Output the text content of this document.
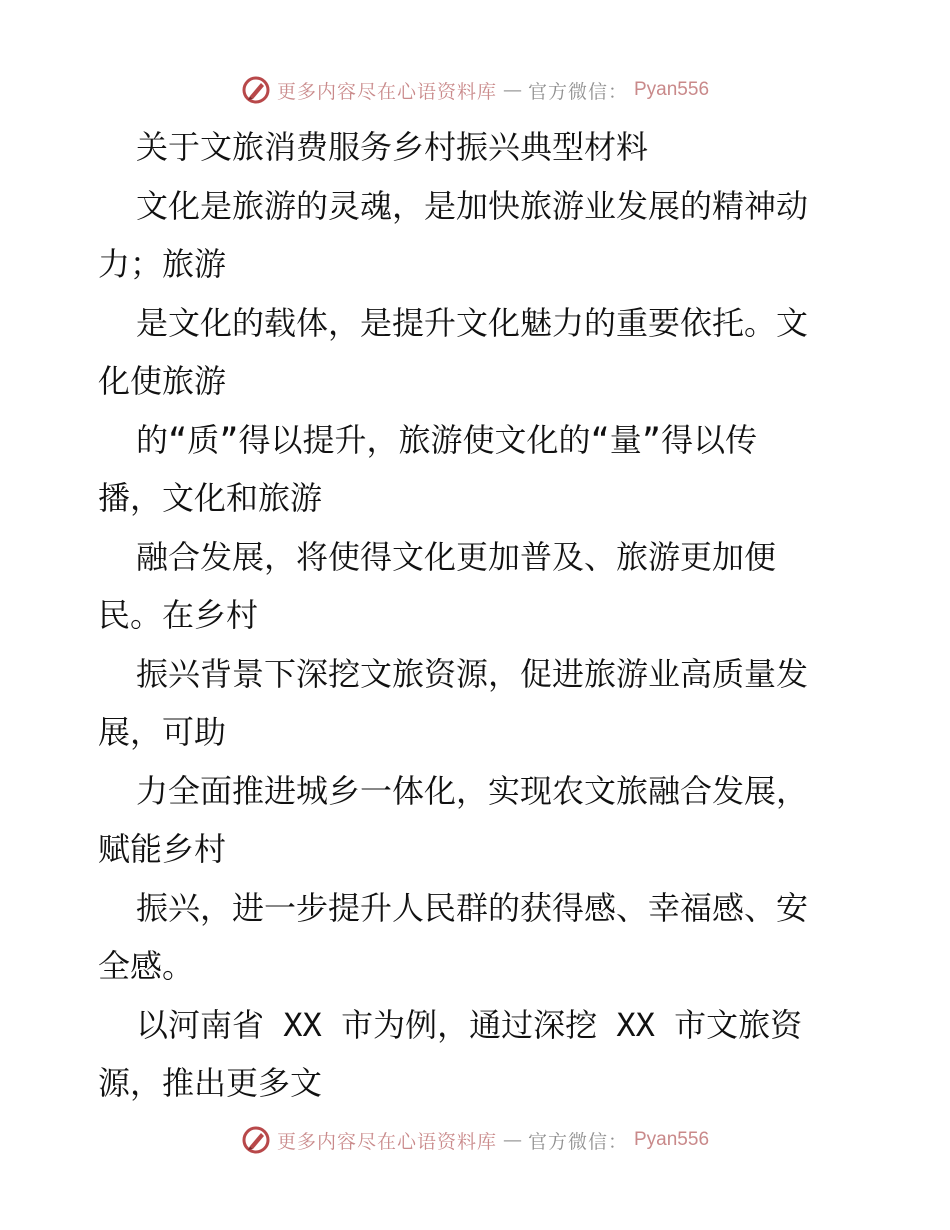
更多内容尽在心语资料库 — 官方微信： Pyan556

关于文旅消费服务乡村振兴典型材料

文化是旅游的灵魂，是加快旅游业发展的精神动

力；旅游

是文化的载体，是提升文化魅力的重要依托。文

化使旅游

的“质”得以提升，旅游使文化的“量”得以传

播，文化和旅游

融合发展，将使得文化更加普及、旅游更加便

民。在乡村

振兴背景下深挖文旅资源，促进旅游业高质量发

展，可助

力全面推进城乡一体化，实现农文旅融合发展，

赋能乡村

振兴，进一步提升人民群的获得感、幸福感、安

全感。

以河南省 XX 市为例，通过深挖 XX 市文旅资

源，推出更多文

更多内容尽在心语资料库 — 官方微信： Pyan556
